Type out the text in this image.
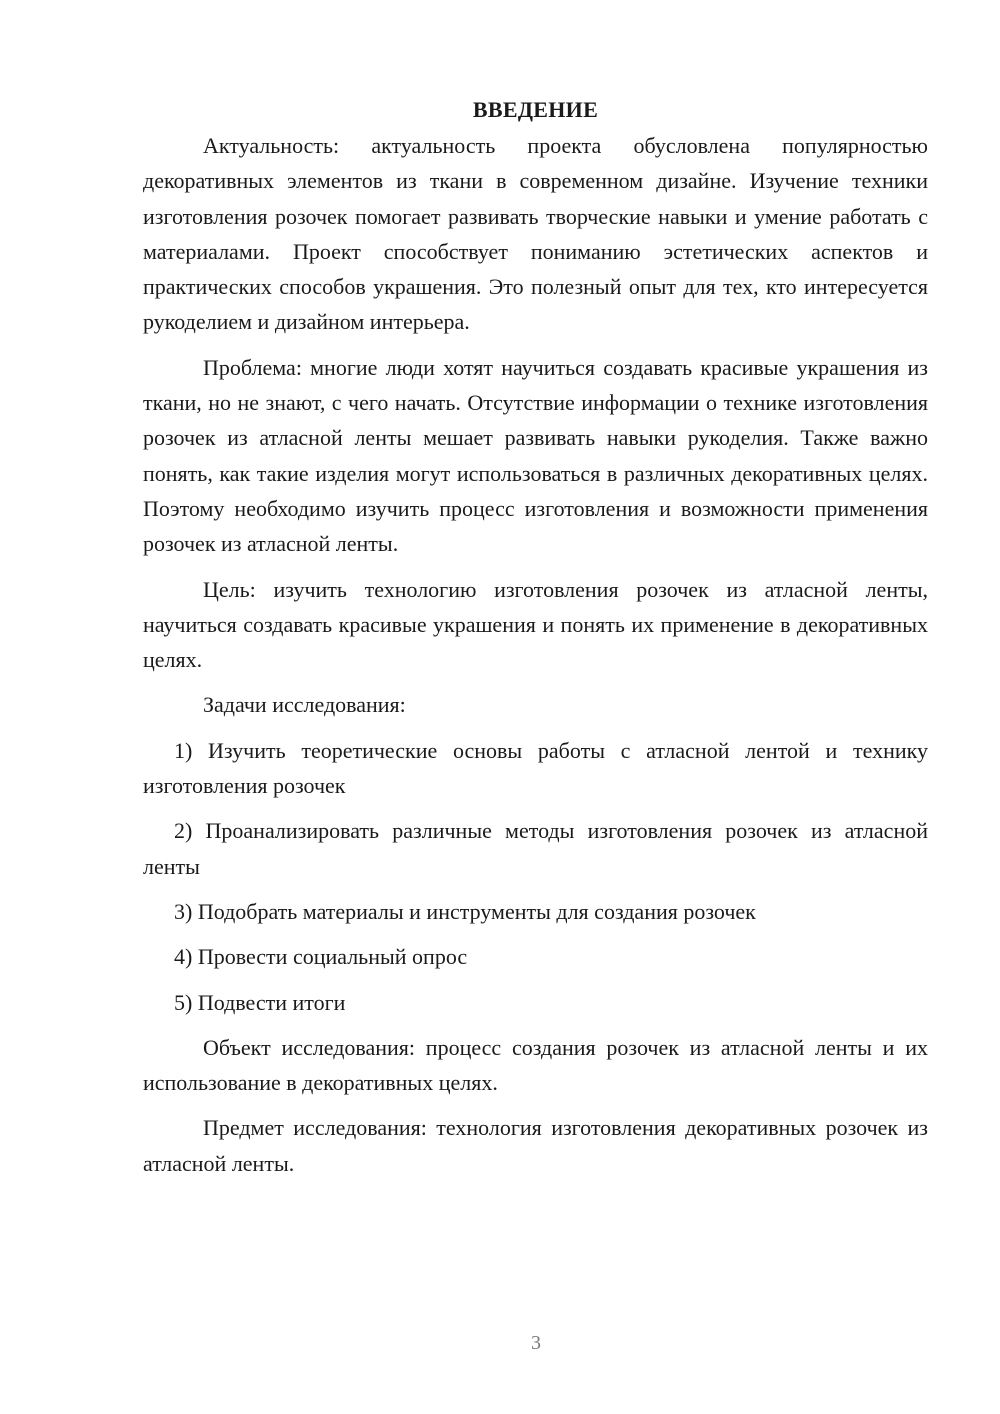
ВВЕДЕНИЕ

Актуальность: актуальность проекта обусловлена популярностью декоративных элементов из ткани в современном дизайне. Изучение техники изготовления розочек помогает развивать творческие навыки и умение работать с материалами. Проект способствует пониманию эстетических аспектов и практических способов украшения. Это полезный опыт для тех, кто интересуется рукоделием и дизайном интерьера.

Проблема: многие люди хотят научиться создавать красивые украшения из ткани, но не знают, с чего начать. Отсутствие информации о технике изготовления розочек из атласной ленты мешает развивать навыки рукоделия. Также важно понять, как такие изделия могут использоваться в различных декоративных целях. Поэтому необходимо изучить процесс изготовления и возможности применения розочек из атласной ленты.

Цель: изучить технологию изготовления розочек из атласной ленты, научиться создавать красивые украшения и понять их применение в декоративных целях.

Задачи исследования:

1) Изучить теоретические основы работы с атласной лентой и технику изготовления розочек

2) Проанализировать различные методы изготовления розочек из атласной ленты

3) Подобрать материалы и инструменты для создания розочек

4) Провести социальный опрос

5) Подвести итоги

Объект исследования: процесс создания розочек из атласной ленты и их использование в декоративных целях.

Предмет исследования: технология изготовления декоративных розочек из атласной ленты.

3
